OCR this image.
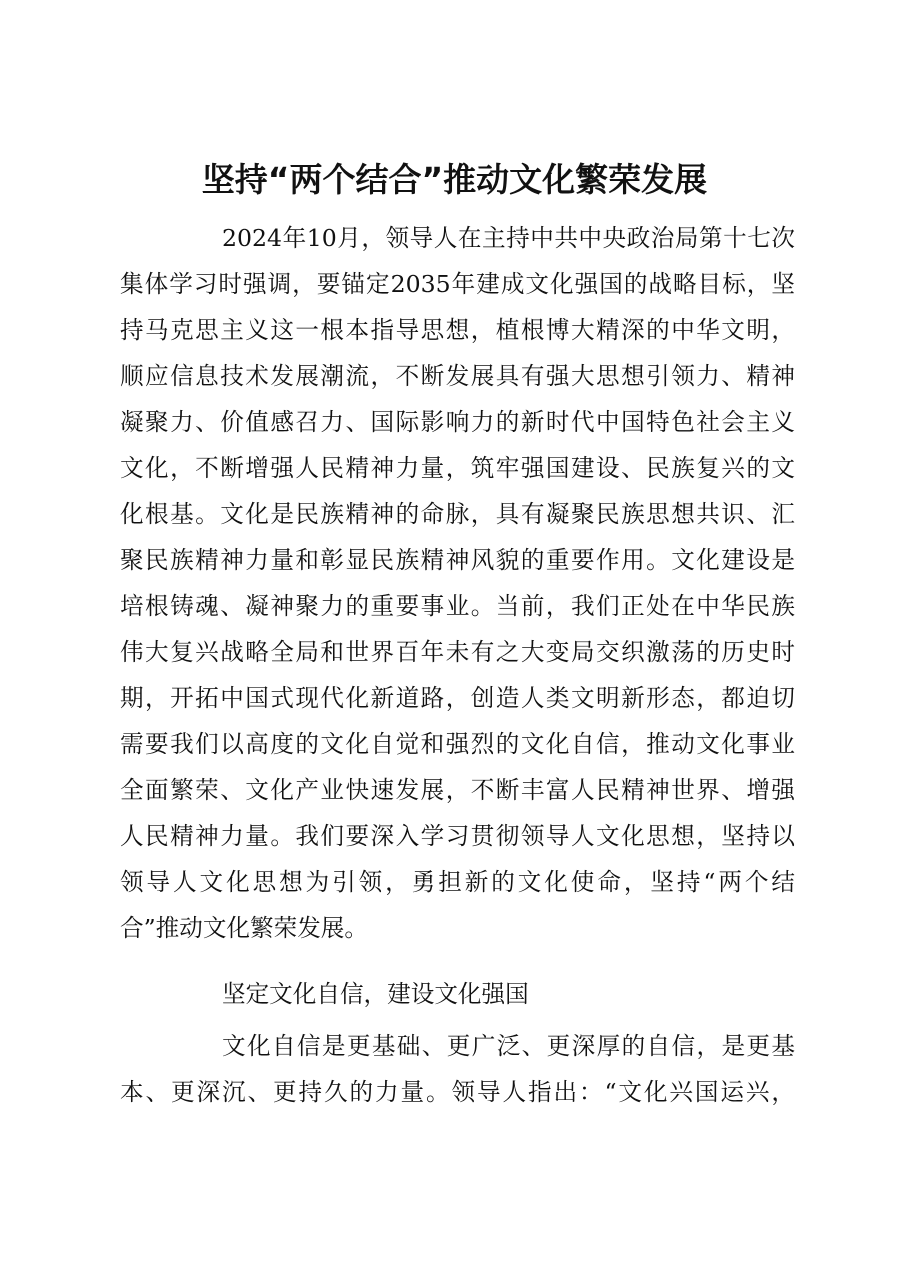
坚持“两个结合”推动文化繁荣发展

2024年10月，领导人在主持中共中央政治局第十七次

集体学习时强调，要锚定2035年建成文化强国的战略目标，坚

持马克思主义这一根本指导思想，植根博大精深的中华文明，

顺应信息技术发展潮流，不断发展具有强大思想引领力、精神

凝聚力、价值感召力、国际影响力的新时代中国特色社会主义

文化，不断增强人民精神力量，筑牢强国建设、民族复兴的文

化根基。文化是民族精神的命脉，具有凝聚民族思想共识、汇

聚民族精神力量和彰显民族精神风貌的重要作用。文化建设是

培根铸魂、凝神聚力的重要事业。当前，我们正处在中华民族

伟大复兴战略全局和世界百年未有之大变局交织激荡的历史时

期，开拓中国式现代化新道路，创造人类文明新形态，都迫切

需要我们以高度的文化自觉和强烈的文化自信，推动文化事业

全面繁荣、文化产业快速发展，不断丰富人民精神世界、增强

人民精神力量。我们要深入学习贯彻领导人文化思想，坚持以

领导人文化思想为引领，勇担新的文化使命，坚持“两个结

合”推动文化繁荣发展。

坚定文化自信，建设文化强国

文化自信是更基础、更广泛、更深厚的自信，是更基

本、更深沉、更持久的力量。领导人指出：“文化兴国运兴，
